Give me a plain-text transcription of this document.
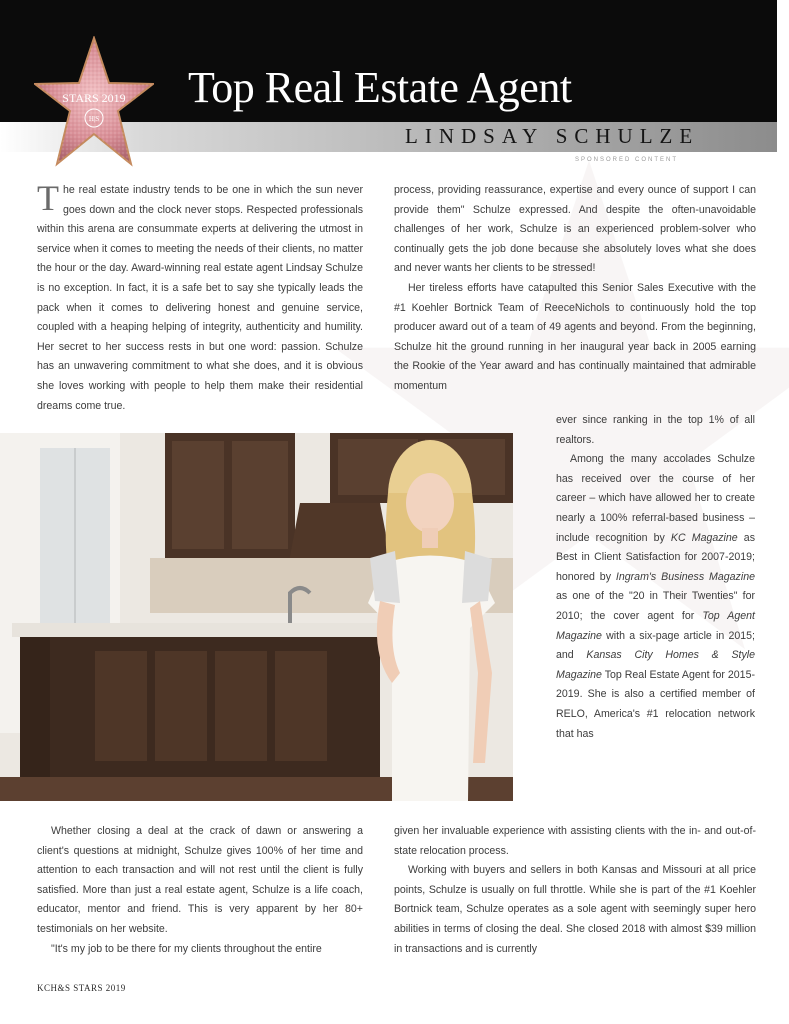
Top Real Estate Agent
LINDSAY SCHULZE
SPONSORED CONTENT
STARS 2019
H|S

The real estate industry tends to be one in which the sun never goes down and the clock never stops. Respected professionals within this arena are consummate experts at delivering the utmost in service when it comes to meeting the needs of their clients, no matter the hour or the day. Award-winning real estate agent Lindsay Schulze is no exception. In fact, it is a safe bet to say she typically leads the pack when it comes to delivering honest and genuine service, coupled with a heaping helping of integrity, authenticity and humility. Her secret to her success rests in but one word: passion. Schulze has an unwavering commitment to what she does, and it is obvious she loves working with people to help them make their residential dreams come true.

process, providing reassurance, expertise and every ounce of support I can provide them" Schulze expressed. And despite the often-unavoidable challenges of her work, Schulze is an experienced problem-solver who continually gets the job done because she absolutely loves what she does and never wants her clients to be stressed!

Her tireless efforts have catapulted this Senior Sales Executive with the #1 Koehler Bortnick Team of ReeceNichols to continuously hold the top producer award out of a team of 49 agents and beyond. From the beginning, Schulze hit the ground running in her inaugural year back in 2005 earning the Rookie of the Year award and has continually maintained that admirable momentum

ever since ranking in the top 1% of all realtors.

Among the many accolades Schulze has received over the course of her career – which have allowed her to create nearly a 100% referral-based business – include recognition by KC Magazine as Best in Client Satisfaction for 2007-2019; honored by Ingram's Business Magazine as one of the "20 in Their Twenties" for 2010; the cover agent for Top Agent Magazine with a six-page article in 2015; and Kansas City Homes & Style Magazine Top Real Estate Agent for 2015-2019. She is also a certified member of RELO, America's #1 relocation network that has

given her invaluable experience with assisting clients with the in- and out-of-state relocation process.

Working with buyers and sellers in both Kansas and Missouri at all price points, Schulze is usually on full throttle. While she is part of the #1 Koehler Bortnick team, Schulze operates as a sole agent with seemingly super hero abilities in terms of closing the deal. She closed 2018 with almost $39 million in transactions and is currently

Whether closing a deal at the crack of dawn or answering a client's questions at midnight, Schulze gives 100% of her time and attention to each transaction and will not rest until the client is fully satisfied. More than just a real estate agent, Schulze is a life coach, educator, mentor and friend. This is very apparent by her 80+ testimonials on her website.

"It's my job to be there for my clients throughout the entire

KCH&S STARS 2019
